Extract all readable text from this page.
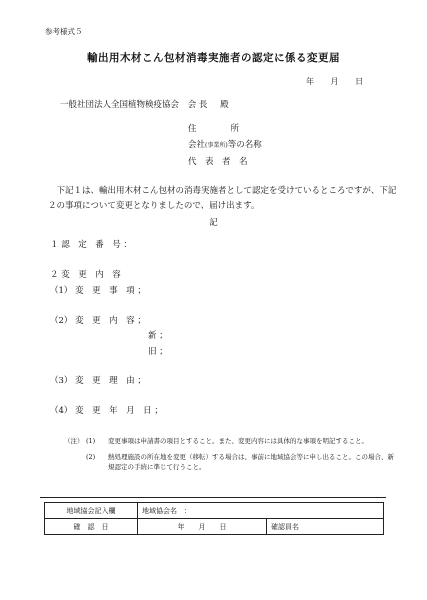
参考様式５
輸出用木材こん包材消毒実施者の認定に係る変更届
年 月 日
一般社団法人全国植物検疫協会 会 長 殿
住　　　　所
会社(事業所)等の名称
代　表　者　名
下記１は、輸出用木材こん包材の消毒実施者として認定を受けているところですが、下記２の事項について変更となりましたので、届け出ます。
記
１ 認　定　番　号 ：
２ 変　更　内　容
（1） 変　更　事　項 ；
（2） 変　更　内　容 ；
新 ；
旧 ；
（3） 変　更　理　由 ；
（4） 変　更　年　月　日 ；
（注） (1)	変更事項は申請書の項目とすること。また、変更内容には具体的な事項を明記すること。
(2)	熱処理施設の所在地を変更（移転）する場合は、事前に地域協会等に申し出ること。この場合、新規認定の手続に準じて行うこと。
地域協会記入欄	地域協会名　：	
確　認　日	年　　月　　日	確認員名
